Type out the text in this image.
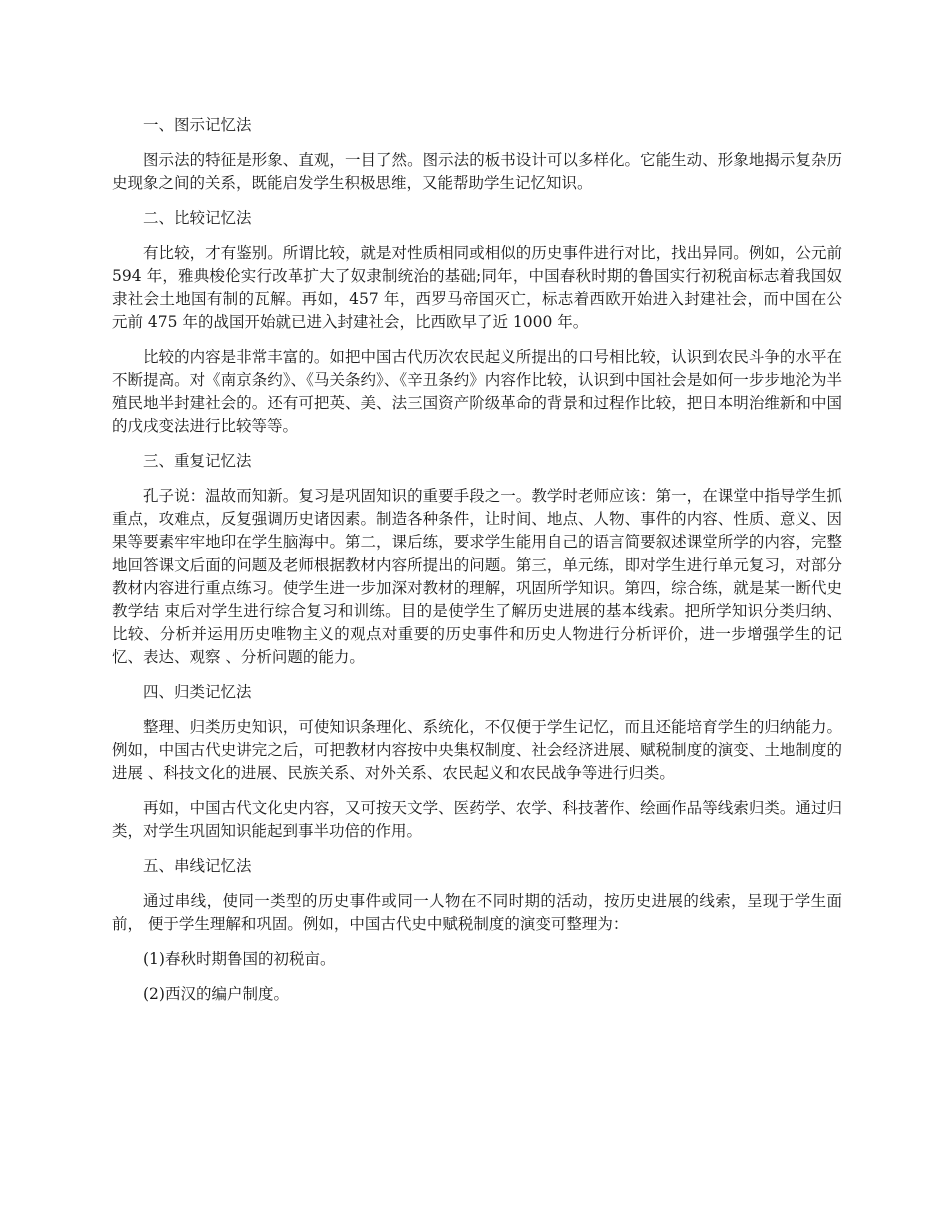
一、图示记忆法

图示法的特征是形象、直观，一目了然。图示法的板书设计可以多样化。它能生动、形象地揭示复杂历史现象之间的关系，既能启发学生积极思维，又能帮助学生记忆知识。

二、比较记忆法

有比较，才有鉴别。所谓比较，就是对性质相同或相似的历史事件进行对比，找出异同。例如，公元前 594 年，雅典梭伦实行改革扩大了奴隶制统治的基础;同年，中国春秋时期的鲁国实行初税亩标志着我国奴隶社会土地国有制的瓦解。再如，457 年，西罗马帝国灭亡，标志着西欧开始进入封建社会，而中国在公元前 475 年的战国开始就已进入封建社会，比西欧早了近 1000 年。

比较的内容是非常丰富的。如把中国古代历次农民起义所提出的口号相比较，认识到农民斗争的水平在不断提高。对《南京条约》、《马关条约》、《辛丑条约》内容作比较，认识到中国社会是如何一步步地沦为半殖民地半封建社会的。还有可把英、美、法三国资产阶级革命的背景和过程作比较，把日本明治维新和中国的戊戌变法进行比较等等。

三、重复记忆法

孔子说：温故而知新。复习是巩固知识的重要手段之一。教学时老师应该：第一，在课堂中指导学生抓重点，攻难点，反复强调历史诸因素。制造各种条件，让时间、地点、人物、事件的内容、性质、意义、因果等要素牢牢地印在学生脑海中。第二，课后练，要求学生能用自己的语言简要叙述课堂所学的内容，完整地回答课文后面的问题及老师根据教材内容所提出的问题。第三，单元练，即对学生进行单元复习，对部分教材内容进行重点练习。使学生进一步加深对教材的理解，巩固所学知识。第四，综合练，就是某一断代史教学结 束后对学生进行综合复习和训练。目的是使学生了解历史进展的基本线索。把所学知识分类归纳、比较、分析并运用历史唯物主义的观点对重要的历史事件和历史人物进行分析评价，进一步增强学生的记忆、表达、观察 、分析问题的能力。

四、归类记忆法

整理、归类历史知识，可使知识条理化、系统化，不仅便于学生记忆，而且还能培育学生的归纳能力。例如，中国古代史讲完之后，可把教材内容按中央集权制度、社会经济进展、赋税制度的演变、土地制度的进展 、科技文化的进展、民族关系、对外关系、农民起义和农民战争等进行归类。

再如，中国古代文化史内容，又可按天文学、医药学、农学、科技著作、绘画作品等线索归类。通过归类，对学生巩固知识能起到事半功倍的作用。

五、串线记忆法

通过串线，使同一类型的历史事件或同一人物在不同时期的活动，按历史进展的线索，呈现于学生面前， 便于学生理解和巩固。例如，中国古代史中赋税制度的演变可整理为：

(1)春秋时期鲁国的初税亩。

(2)西汉的编户制度。
